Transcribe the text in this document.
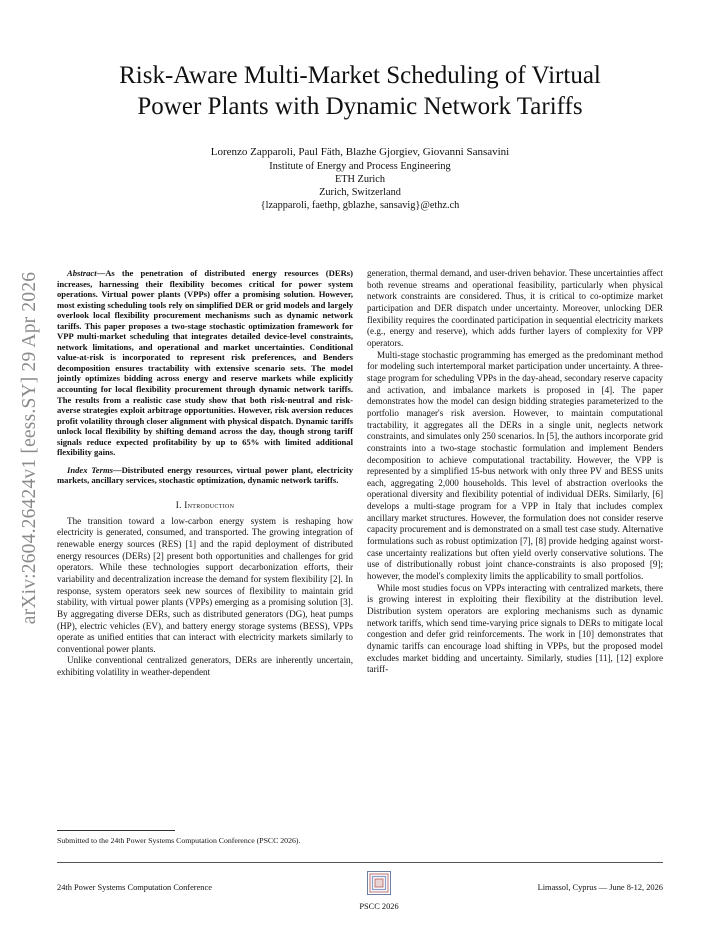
arXiv:2604.26424v1 [eess.SY] 29 Apr 2026
Risk-Aware Multi-Market Scheduling of Virtual
Power Plants with Dynamic Network Tariffs
Lorenzo Zapparoli, Paul Fäth, Blazhe Gjorgiev, Giovanni Sansavini
Institute of Energy and Process Engineering
ETH Zurich
Zurich, Switzerland
{lzapparoli, faethp, gblazhe, sansavig}@ethz.ch

Abstract—As the penetration of distributed energy resources (DERs) increases, harnessing their flexibility becomes critical for power system operations. Virtual power plants (VPPs) offer a promising solution. However, most existing scheduling tools rely on simplified DER or grid models and largely overlook local flexibility procurement mechanisms such as dynamic network tariffs. This paper proposes a two-stage stochastic optimization framework for VPP multi-market scheduling that integrates detailed device-level constraints, network limitations, and operational and market uncertainties. Conditional value-at-risk is incorporated to represent risk preferences, and Benders decomposition ensures tractability with extensive scenario sets. The model jointly optimizes bidding across energy and reserve markets while explicitly accounting for local flexibility procurement through dynamic network tariffs. The results from a realistic case study show that both risk-neutral and risk-averse strategies exploit arbitrage opportunities. However, risk aversion reduces profit volatility through closer alignment with physical dispatch. Dynamic tariffs unlock local flexibility by shifting demand across the day, though strong tariff signals reduce expected profitability by up to 65% with limited additional flexibility gains.

Index Terms—Distributed energy resources, virtual power plant, electricity markets, ancillary services, stochastic optimization, dynamic network tariffs.

I. Introduction

The transition toward a low-carbon energy system is reshaping how electricity is generated, consumed, and transported. The growing integration of renewable energy sources (RES) [1] and the rapid deployment of distributed energy resources (DERs) [2] present both opportunities and challenges for grid operators. While these technologies support decarbonization efforts, their variability and decentralization increase the demand for system flexibility [2]. In response, system operators seek new sources of flexibility to maintain grid stability, with virtual power plants (VPPs) emerging as a promising solution [3]. By aggregating diverse DERs, such as distributed generators (DG), heat pumps (HP), electric vehicles (EV), and battery energy storage systems (BESS), VPPs operate as unified entities that can interact with electricity markets similarly to conventional power plants.

Unlike conventional centralized generators, DERs are inherently uncertain, exhibiting volatility in weather-dependent

generation, thermal demand, and user-driven behavior. These uncertainties affect both revenue streams and operational feasibility, particularly when physical network constraints are considered. Thus, it is critical to co-optimize market participation and DER dispatch under uncertainty. Moreover, unlocking DER flexibility requires the coordinated participation in sequential electricity markets (e.g., energy and reserve), which adds further layers of complexity for VPP operators.

Multi-stage stochastic programming has emerged as the predominant method for modeling such intertemporal market participation under uncertainty. A three-stage program for scheduling VPPs in the day-ahead, secondary reserve capacity and activation, and imbalance markets is proposed in [4]. The paper demonstrates how the model can design bidding strategies parameterized to the portfolio manager's risk aversion. However, to maintain computational tractability, it aggregates all the DERs in a single unit, neglects network constraints, and simulates only 250 scenarios. In [5], the authors incorporate grid constraints into a two-stage stochastic formulation and implement Benders decomposition to achieve computational tractability. However, the VPP is represented by a simplified 15-bus network with only three PV and BESS units each, aggregating 2,000 households. This level of abstraction overlooks the operational diversity and flexibility potential of individual DERs. Similarly, [6] develops a multi-stage program for a VPP in Italy that includes complex ancillary market structures. However, the formulation does not consider reserve capacity procurement and is demonstrated on a small test case study. Alternative formulations such as robust optimization [7], [8] provide hedging against worst-case uncertainty realizations but often yield overly conservative solutions. The use of distributionally robust joint chance-constraints is also proposed [9]; however, the model's complexity limits the applicability to small portfolios.

While most studies focus on VPPs interacting with centralized markets, there is growing interest in exploiting their flexibility at the distribution level. Distribution system operators are exploring mechanisms such as dynamic network tariffs, which send time-varying price signals to DERs to mitigate local congestion and defer grid reinforcements. The work in [10] demonstrates that dynamic tariffs can encourage load shifting in VPPs, but the proposed model excludes market bidding and uncertainty. Similarly, studies [11], [12] explore tariff-

Submitted to the 24th Power Systems Computation Conference (PSCC 2026).
24th Power Systems Computation Conference
PSCC 2026
Limassol, Cyprus — June 8-12, 2026
